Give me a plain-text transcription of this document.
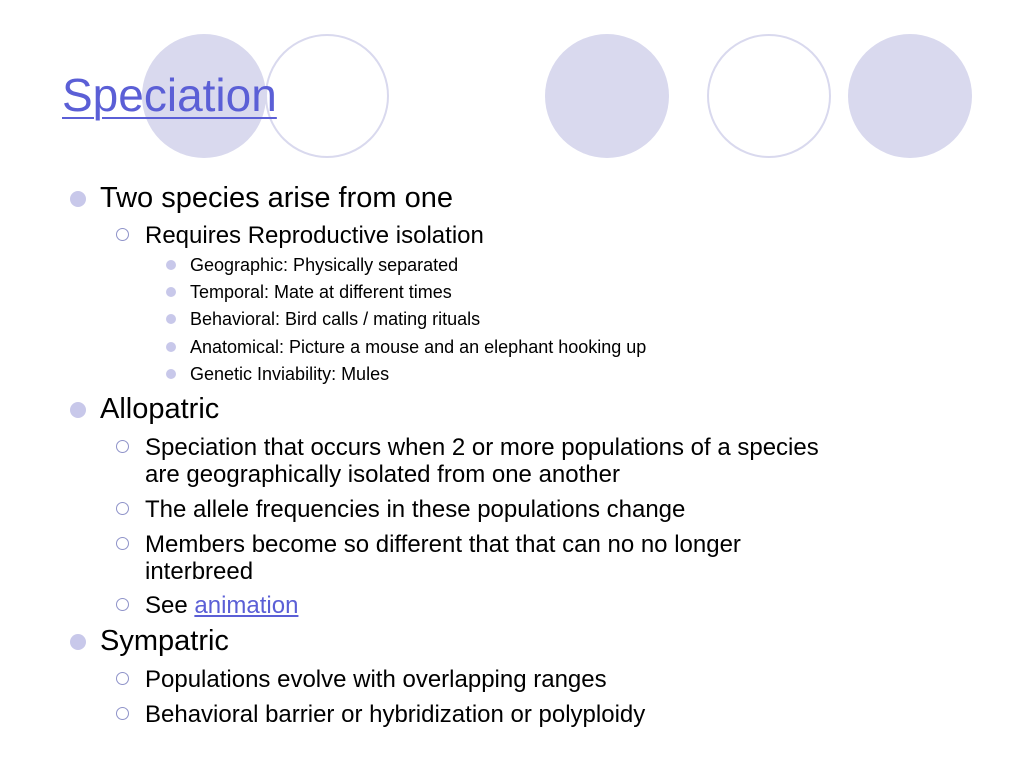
Speciation
Two species arise from one
Requires Reproductive isolation
Geographic: Physically separated
Temporal: Mate at different times
Behavioral: Bird calls / mating rituals
Anatomical: Picture a mouse and an elephant hooking up
Genetic Inviability: Mules
Allopatric
Speciation that occurs when 2 or more populations of a species
are geographically isolated from one another
The allele frequencies in these populations change
Members become so different that that can no no longer
interbreed
See animation
Sympatric
Populations evolve with overlapping ranges
Behavioral barrier or hybridization or polyploidy
